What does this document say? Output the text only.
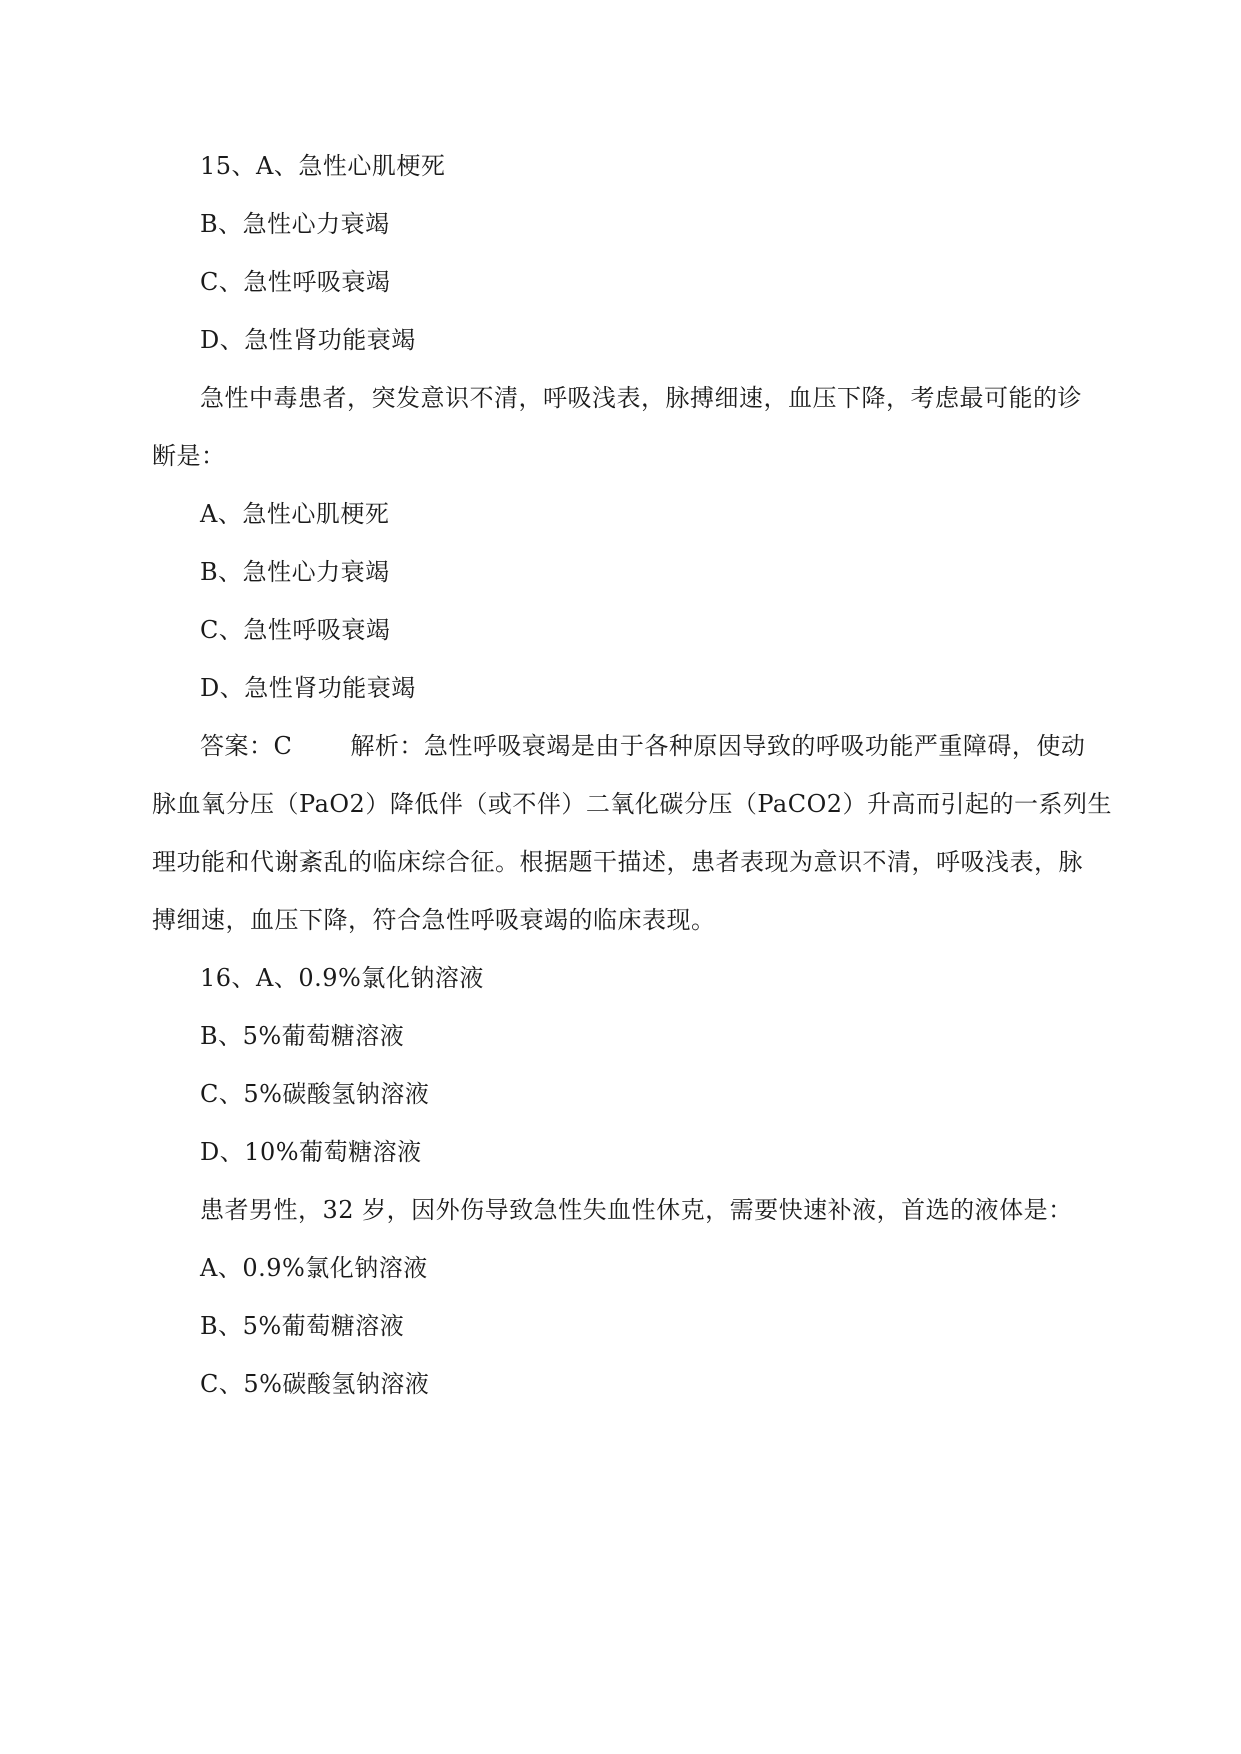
15、A、急性心肌梗死
B、急性心力衰竭
C、急性呼吸衰竭
D、急性肾功能衰竭
急性中毒患者，突发意识不清，呼吸浅表，脉搏细速，血压下降，考虑最可能的诊
断是：
A、急性心肌梗死
B、急性心力衰竭
C、急性呼吸衰竭
D、急性肾功能衰竭
答案：C 解析：急性呼吸衰竭是由于各种原因导致的呼吸功能严重障碍，使动
脉血氧分压（PaO2）降低伴（或不伴）二氧化碳分压（PaCO2）升高而引起的一系列生
理功能和代谢紊乱的临床综合征。根据题干描述，患者表现为意识不清，呼吸浅表，脉
搏细速，血压下降，符合急性呼吸衰竭的临床表现。
16、A、0.9%氯化钠溶液
B、5%葡萄糖溶液
C、5%碳酸氢钠溶液
D、10%葡萄糖溶液
患者男性，32 岁，因外伤导致急性失血性休克，需要快速补液，首选的液体是：
A、0.9%氯化钠溶液
B、5%葡萄糖溶液
C、5%碳酸氢钠溶液
